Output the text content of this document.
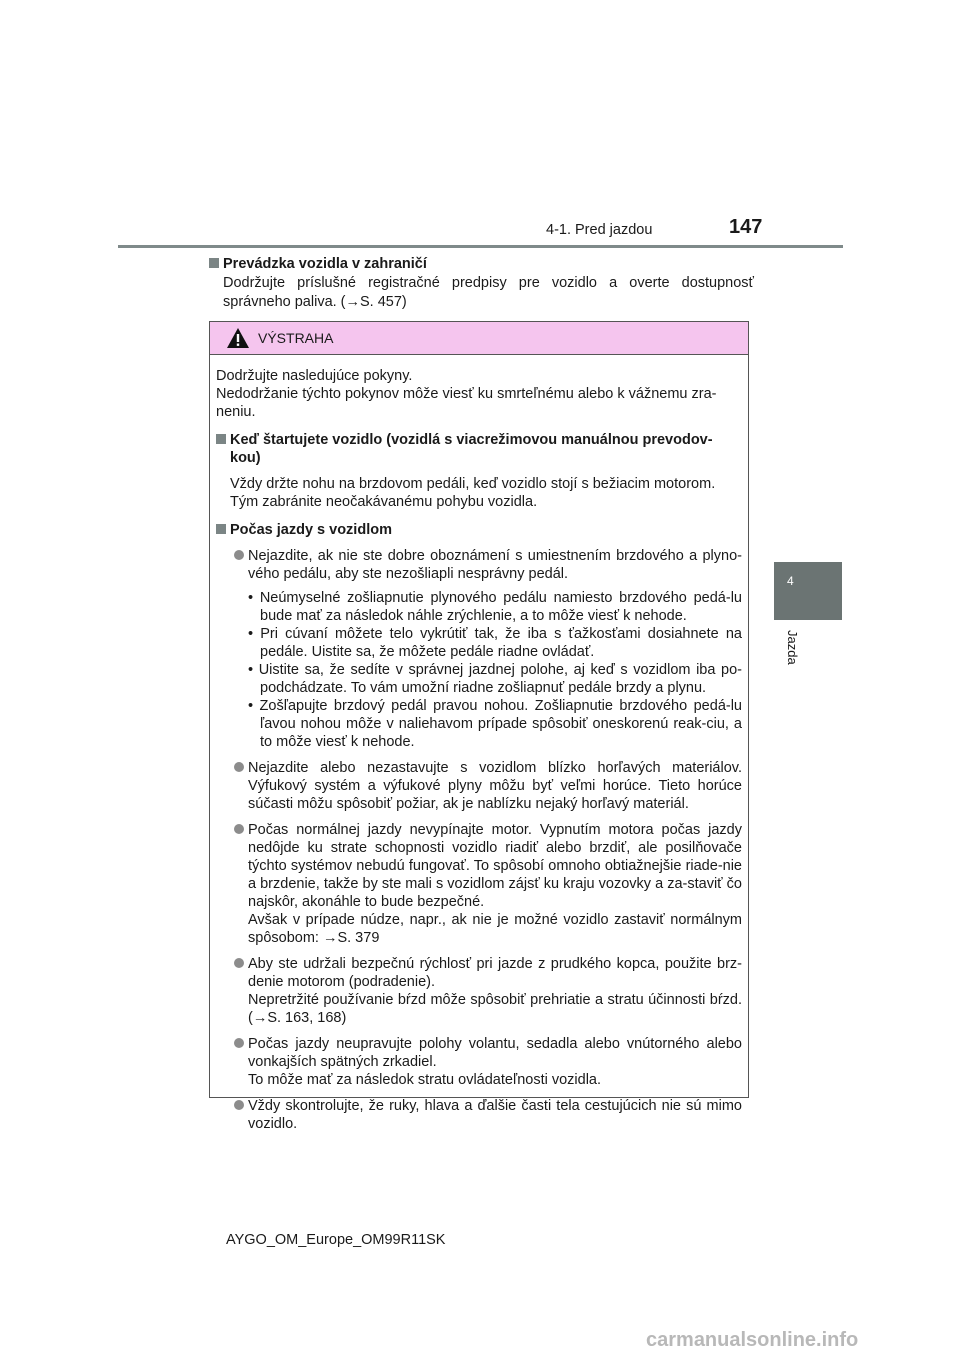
4-1. Pred jazdou	147
4
Jazda
Prevádzka vozidla v zahraničí
Dodržujte príslušné registračné predpisy pre vozidlo a overte dostupnosť správneho paliva. (→S. 457)
VÝSTRAHA

Dodržujte nasledujúce pokyny.

Nedodržanie týchto pokynov môže viesť ku smrteľnému alebo k vážnemu zra-neniu.

Keď štartujete vozidlo (vozidlá s viacrežimovou manuálnou prevodov-kou)
Vždy držte nohu na brzdovom pedáli, keď vozidlo stojí s bežiacim motorom. Tým zabránite neočakávanému pohybu vozidla.
Počas jazdy s vozidlom
Nejazdite, ak nie ste dobre oboznámení s umiestnením brzdového a plyno-vého pedálu, aby ste nezošliapli nesprávny pedál.
• Neúmyselné zošliapnutie plynového pedálu namiesto brzdového pedá-lu bude mať za následok náhle zrýchlenie, a to môže viesť k nehode.
• Pri cúvaní môžete telo vykrútiť tak, že iba s ťažkosťami dosiahnete na pedále. Uistite sa, že môžete pedále riadne ovládať.
• Uistite sa, že sedíte v správnej jazdnej polohe, aj keď s vozidlom iba po-podchádzate. To vám umožní riadne zošliapnuť pedále brzdy a plynu.
• Zošľapujte brzdový pedál pravou nohou. Zošliapnutie brzdového pedá-lu ľavou nohou môže v naliehavom prípade spôsobiť oneskorenú reak-ciu, a to môže viesť k nehode.
Nejazdite alebo nezastavujte s vozidlom blízko horľavých materiálov. Výfukový systém a výfukové plyny môžu byť veľmi horúce. Tieto horúce súčasti môžu spôsobiť požiar, ak je nablízku nejaký horľavý materiál.
Počas normálnej jazdy nevypínajte motor. Vypnutím motora počas jazdy nedôjde ku strate schopnosti vozidlo riadiť alebo brzdiť, ale posilňovače týchto systémov nebudú fungovať. To spôsobí omnoho obtiažnejšie riade-nie a brzdenie, takže by ste mali s vozidlom zájsť ku kraju vozovky a za-staviť čo najskôr, akonáhle to bude bezpečné.
Avšak v prípade núdze, napr., ak nie je možné vozidlo zastaviť normálnym spôsobom: →S. 379
Aby ste udržali bezpečnú rýchlosť pri jazde z prudkého kopca, použite brz-denie motorom (podradenie).
Nepretržité používanie bŕzd môže spôsobiť prehriatie a stratu účinnosti bŕzd. (→S. 163, 168)
Počas jazdy neupravujte polohy volantu, sedadla alebo vnútorného alebo vonkajších spätných zrkadiel.
To môže mať za následok stratu ovládateľnosti vozidla.
Vždy skontrolujte, že ruky, hlava a ďalšie časti tela cestujúcich nie sú mimo vozidlo.
AYGO_OM_Europe_OM99R11SK
carmanualsonline.info
